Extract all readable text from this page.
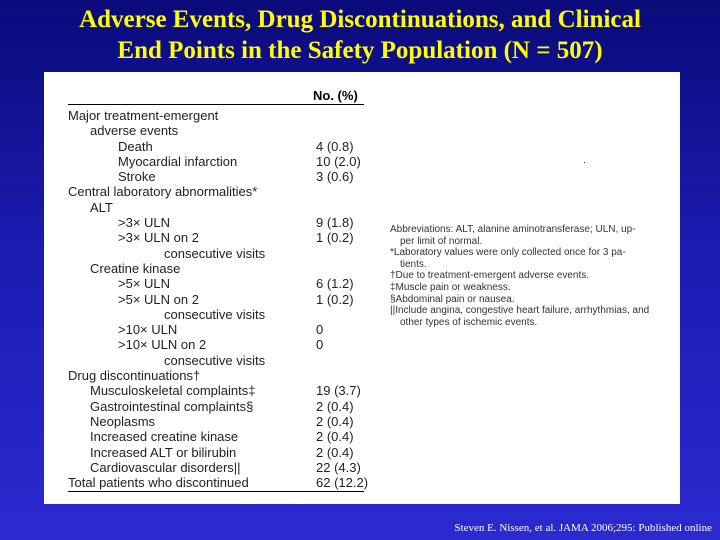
Adverse Events, Drug Discontinuations, and Clinical
End Points in the Safety Population (N = 507)
No. (%)
Major treatment-emergent
adverse events
Death	4 (0.8)
Myocardial infarction	10 (2.0)
Stroke	3 (0.6)
Central laboratory abnormalities*
ALT
>3× ULN	9 (1.8)
>3× ULN on 2	1 (0.2)
consecutive visits
Creatine kinase
>5× ULN	6 (1.2)
>5× ULN on 2	1 (0.2)
consecutive visits
>10× ULN	0
>10× ULN on 2	0
consecutive visits
Drug discontinuations†
Musculoskeletal complaints‡	19 (3.7)
Gastrointestinal complaints§	2 (0.4)
Neoplasms	2 (0.4)
Increased creatine kinase	2 (0.4)
Increased ALT or bilirubin	2 (0.4)
Cardiovascular disorders||	22 (4.3)
Total patients who discontinued	62 (12.2)
Abbreviations: ALT, alanine aminotransferase; ULN, up-
per limit of normal.
*Laboratory values were only collected once for 3 pa-
tients.
†Due to treatment-emergent adverse events.
‡Muscle pain or weakness.
§Abdominal pain or nausea.
||Include angina, congestive heart failure, arrhythmias, and
other types of ischemic events.
Steven E. Nissen, et al. JAMA 2006;295: Published online
